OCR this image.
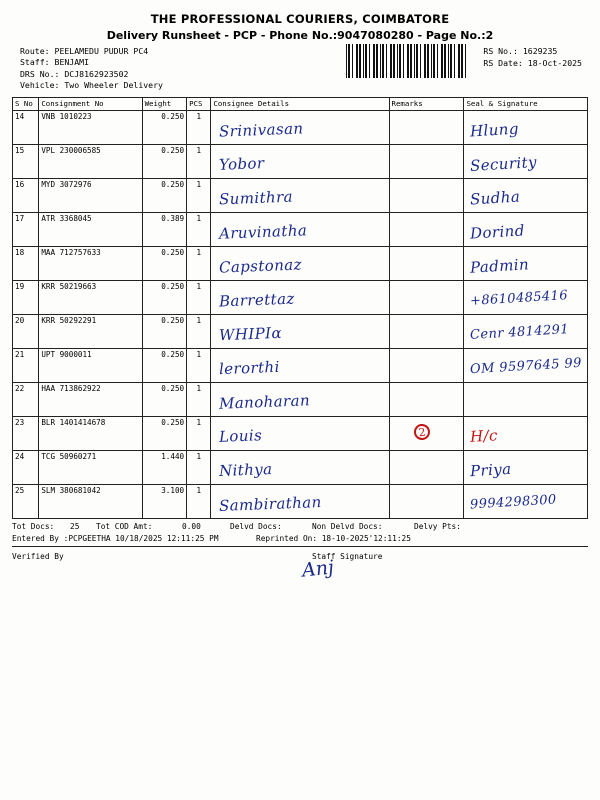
THE PROFESSIONAL COURIERS, COIMBATORE
Delivery Runsheet - PCP - Phone No.:9047080280 - Page No.:2
Route: PEELAMEDU PUDUR PC4
Staff: BENJAMI
DRS No.: DCJ8162923502
Vehicle: Two Wheeler Delivery
RS No.: 1629235
RS Date: 18-Oct-2025
S No	Consignment No	Weight	PCS	Consignee Details	Remarks	Seal & Signature
14	VNB 1010223	0.250	1	Srinivasan		Hlung
15	VPL 230006585	0.250	1	Yobor		Security
16	MYD 3072976	0.250	1	Sumithra		Sudha
17	ATR 3368045	0.389	1	Aruvinatha		Dorind
18	MAA 712757633	0.250	1	Capstonaz		Padmin
19	KRR 50219663	0.250	1	Barrettaz		+8610485416
20	KRR 50292291	0.250	1	WHIPIα		Cenr 4814291
21	UPT 9000011	0.250	1	lerorthi		OM 9597645 99
22	HAA 713862922	0.250	1	Manoharan		
23	BLR 1401414678	0.250	1	Louis	2	H/c
24	TCG 50960271	1.440	1	Nithya		Priya
25	SLM 380681042	3.100	1	Sambirathan		9994298300
Tot Docs: 25 Tot COD Amt:	0.00	Delvd Docs:	Non Delvd Docs:	Delvy Pts:
Entered By :PCPGEETHA 10/18/2025 12:11:25 PM	Reprinted On: 18-10-2025'12:11:25
Verified By	Staff Signature
Anj
